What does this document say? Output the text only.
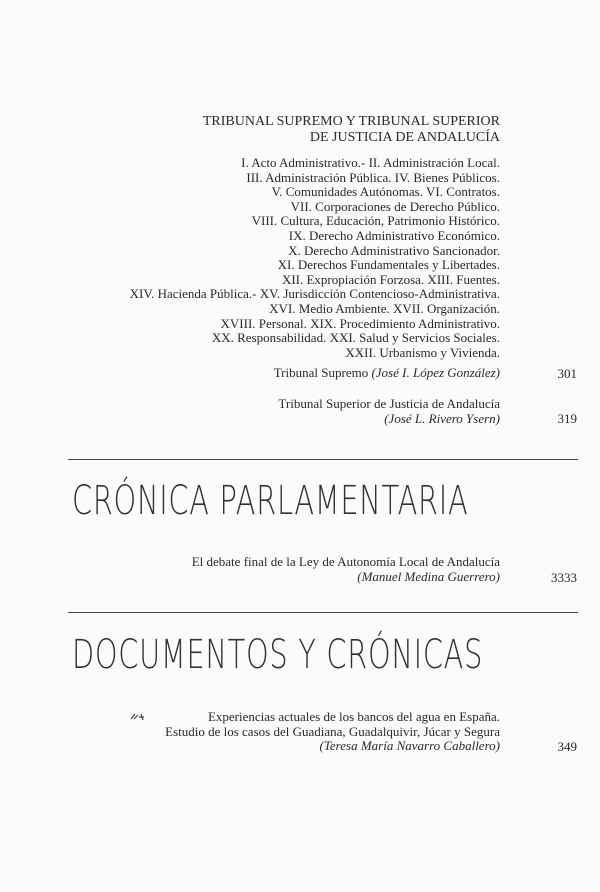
TRIBUNAL SUPREMO Y TRIBUNAL SUPERIOR
DE JUSTICIA DE ANDALUCÍA
I. Acto Administrativo.- II. Administración Local.
III. Administración Pública. IV. Bienes Públicos.
V. Comunidades Autónomas. VI. Contratos.
VII. Corporaciones de Derecho Público.
VIII. Cultura, Educación, Patrimonio Histórico.
IX. Derecho Administrativo Económico.
X. Derecho Administrativo Sancionador.
XI. Derechos Fundamentales y Libertades.
XII. Expropiación Forzosa. XIII. Fuentes.
XIV. Hacienda Pública.- XV. Jurisdicción Contencioso-Administrativa.
XVI. Medio Ambiente. XVII. Organización.
XVIII. Personal. XIX. Procedimiento Administrativo.
XX. Responsabilidad. XXI. Salud y Servicios Sociales.
XXII. Urbanismo y Vivienda.
Tribunal Supremo (José I. López González)	301
Tribunal Superior de Justicia de Andalucía
(José L. Rivero Ysern)	319
CRÓNICA PARLAMENTARIA
El debate final de la Ley de Autonomía Local de Andalucía
(Manuel Medina Guerrero)	3333
DOCUMENTOS Y CRÓNICAS
Experiencias actuales de los bancos del agua en España.
Estudio de los casos del Guadiana, Guadalquivir, Júcar y Segura
(Teresa María Navarro Caballero)	349
